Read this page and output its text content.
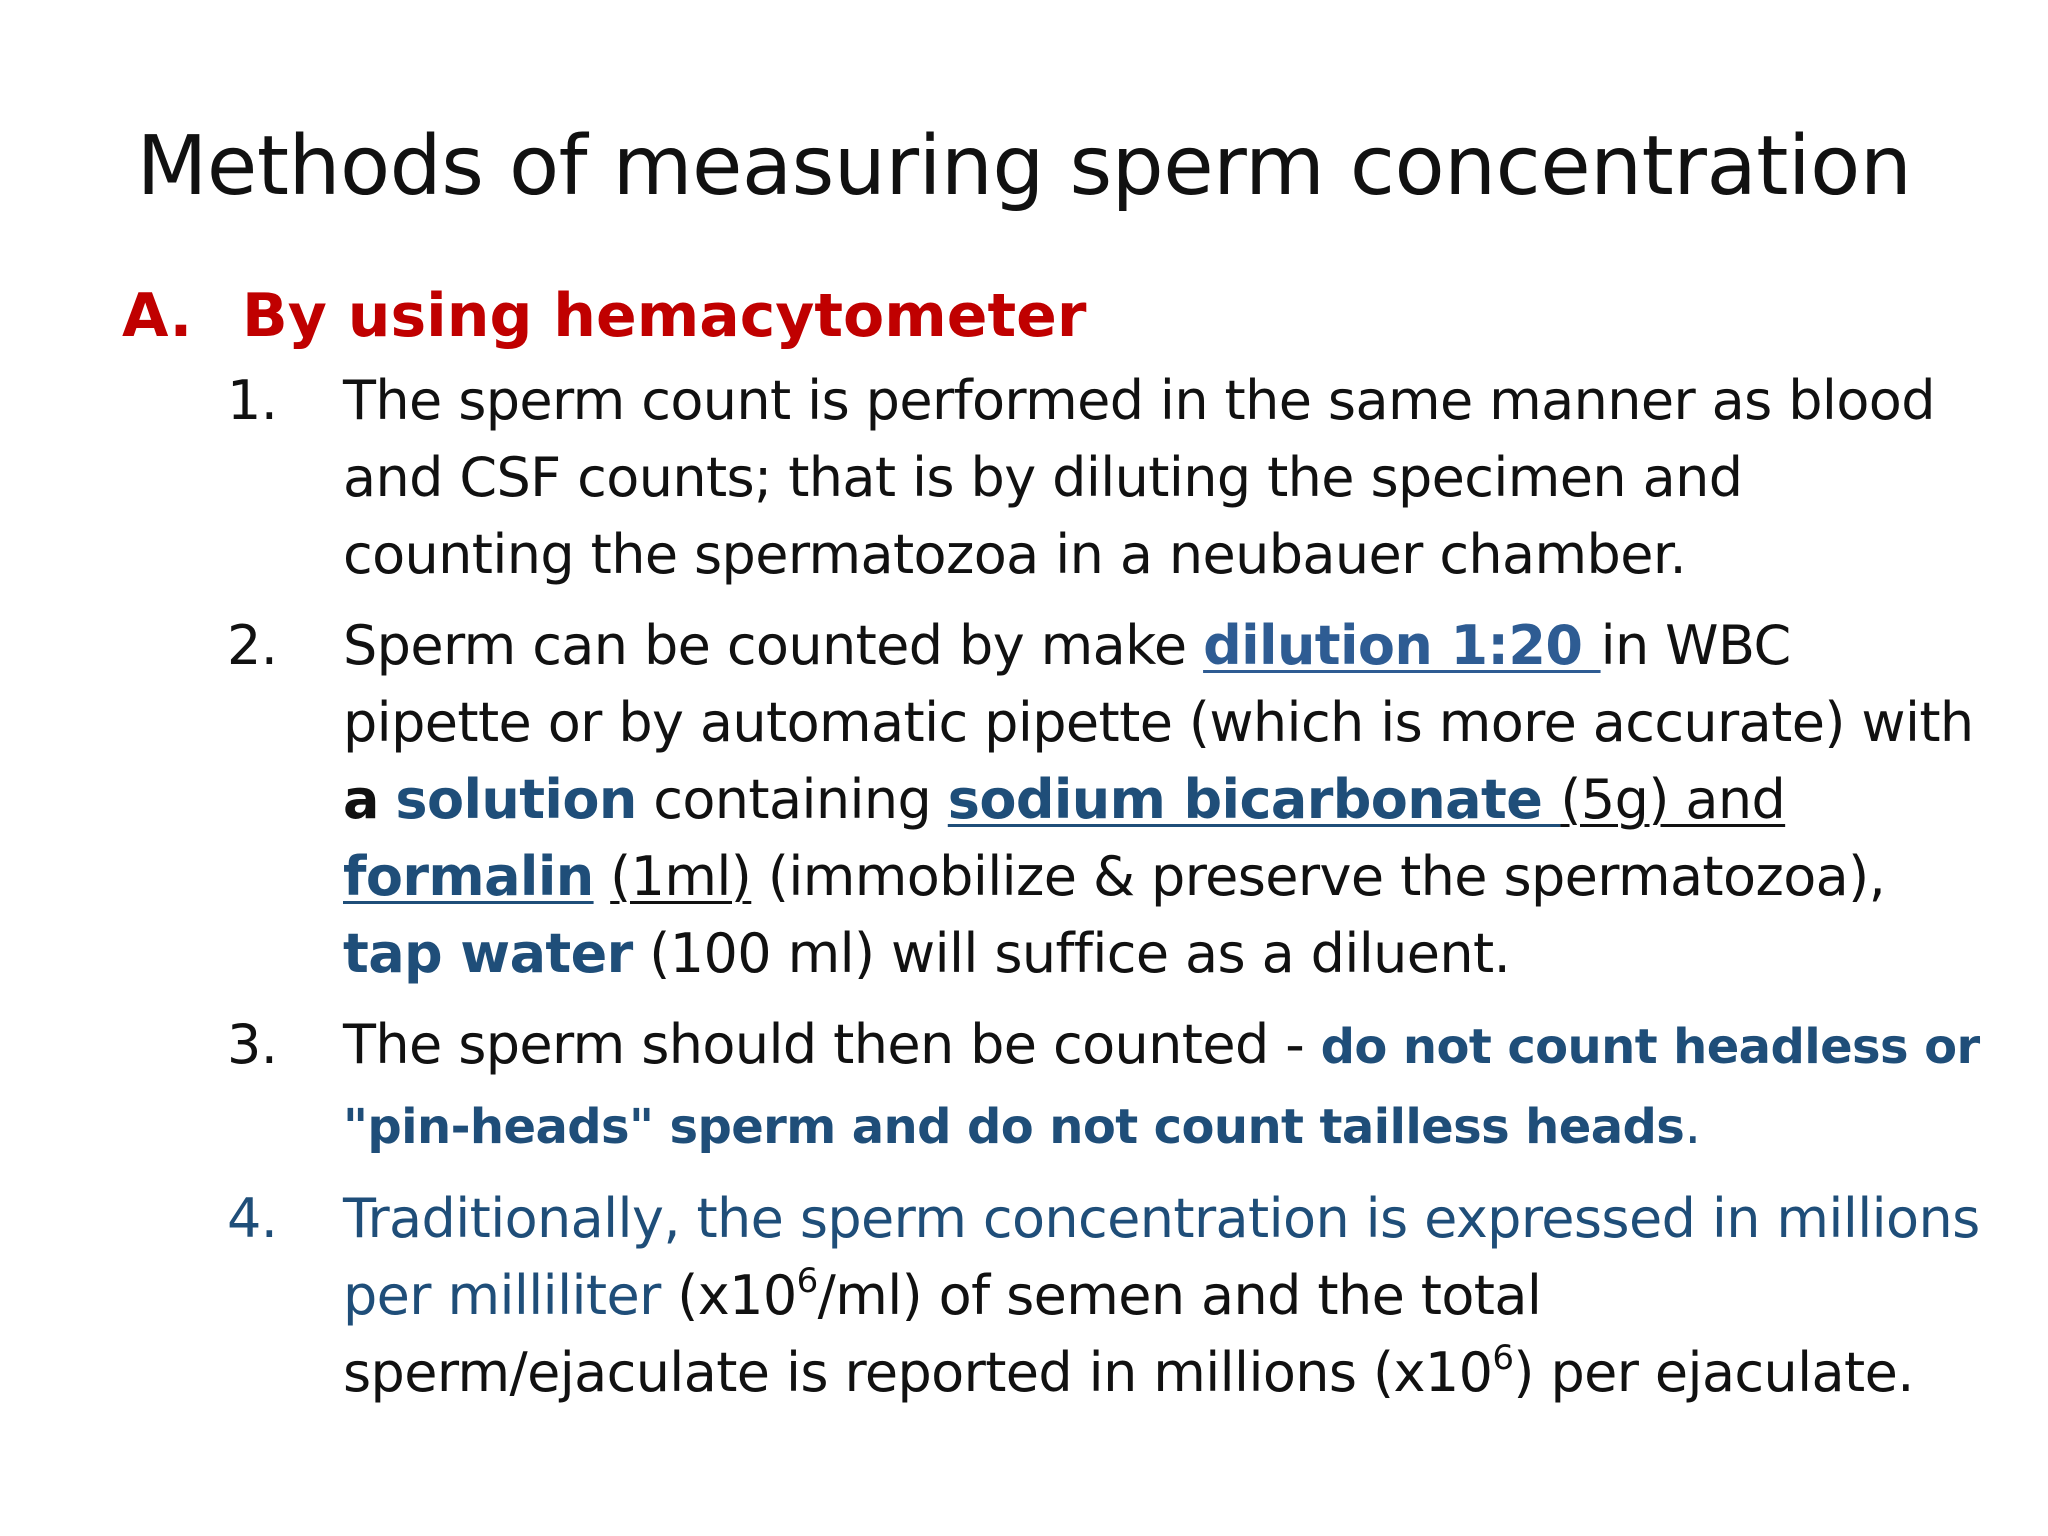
Methods of measuring sperm concentration
A. By using hemacytometer
1.	The sperm count is performed in the same manner as blood and CSF counts; that is by diluting the specimen and counting the spermatozoa in a neubauer chamber.
2.	Sperm can be counted by make dilution 1:20 in WBC pipette or by automatic pipette (which is more accurate) with a solution containing sodium bicarbonate (5g) and formalin (1ml) (immobilize & preserve the spermatozoa), tap water (100 ml) will suffice as a diluent.
3.	The sperm should then be counted - do not count headless or "pin-heads" sperm and do not count tailless heads.
4.	Traditionally, the sperm concentration is expressed in millions per milliliter $(x10^6/ml)$ of semen and the total sperm/ejaculate is reported in millions $(x10^6)$ per ejaculate.
